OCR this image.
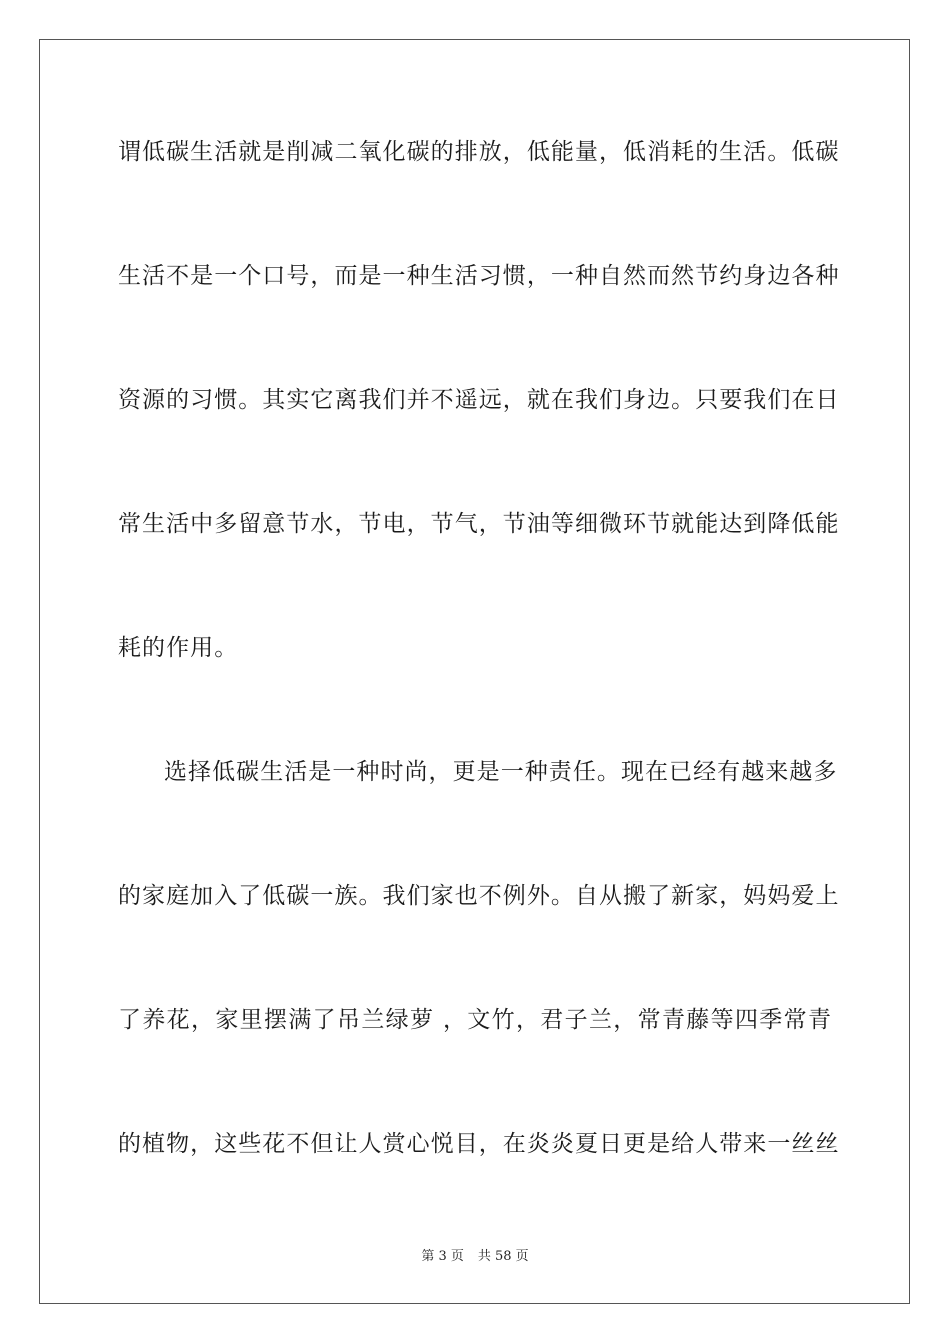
谓低碳生活就是削减二氧化碳的排放，低能量，低消耗的生活。低碳
生活不是一个口号，而是一种生活习惯，一种自然而然节约身边各种
资源的习惯。其实它离我们并不遥远，就在我们身边。只要我们在日
常生活中多留意节水，节电，节气，节油等细微环节就能达到降低能
耗的作用。
选择低碳生活是一种时尚，更是一种责任。现在已经有越来越多
的家庭加入了低碳一族。我们家也不例外。自从搬了新家，妈妈爱上
了养花，家里摆满了吊兰绿萝 ，文竹，君子兰，常青藤等四季常青
的植物，这些花不但让人赏心悦目，在炎炎夏日更是给人带来一丝丝
第 3 页 共 58 页
